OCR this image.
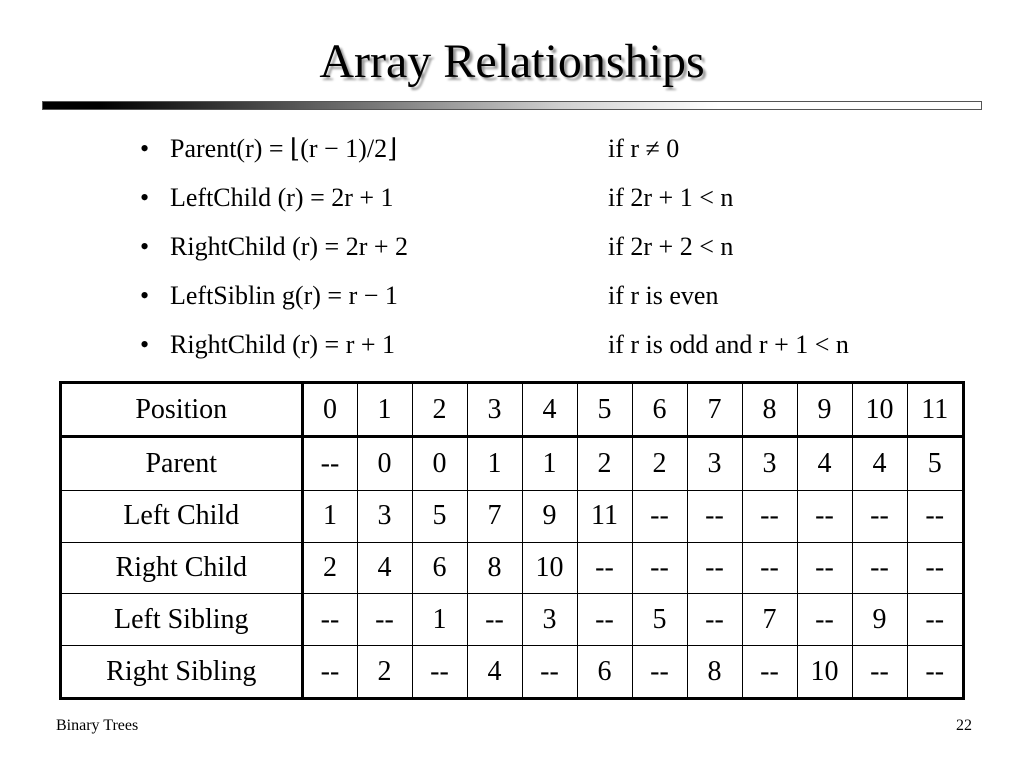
Array Relationships
• Parent(r) = ⌊(r − 1)/2⌋	if r ≠ 0
• LeftChild (r) = 2r + 1	if 2r + 1 < n
• RightChild (r) = 2r + 2	if 2r + 2 < n
• LeftSiblin g(r) = r − 1	if r is even
• RightChild (r) = r + 1	if r is odd and r + 1 < n
Position	0	1	2	3	4	5	6	7	8	9	10	11
Parent	--	0	0	1	1	2	2	3	3	4	4	5
Left Child	1	3	5	7	9	11	--	--	--	--	--	--
Right Child	2	4	6	8	10	--	--	--	--	--	--	--
Left Sibling	--	--	1	--	3	--	5	--	7	--	9	--
Right Sibling	--	2	--	4	--	6	--	8	--	10	--	--
Binary Trees	22
